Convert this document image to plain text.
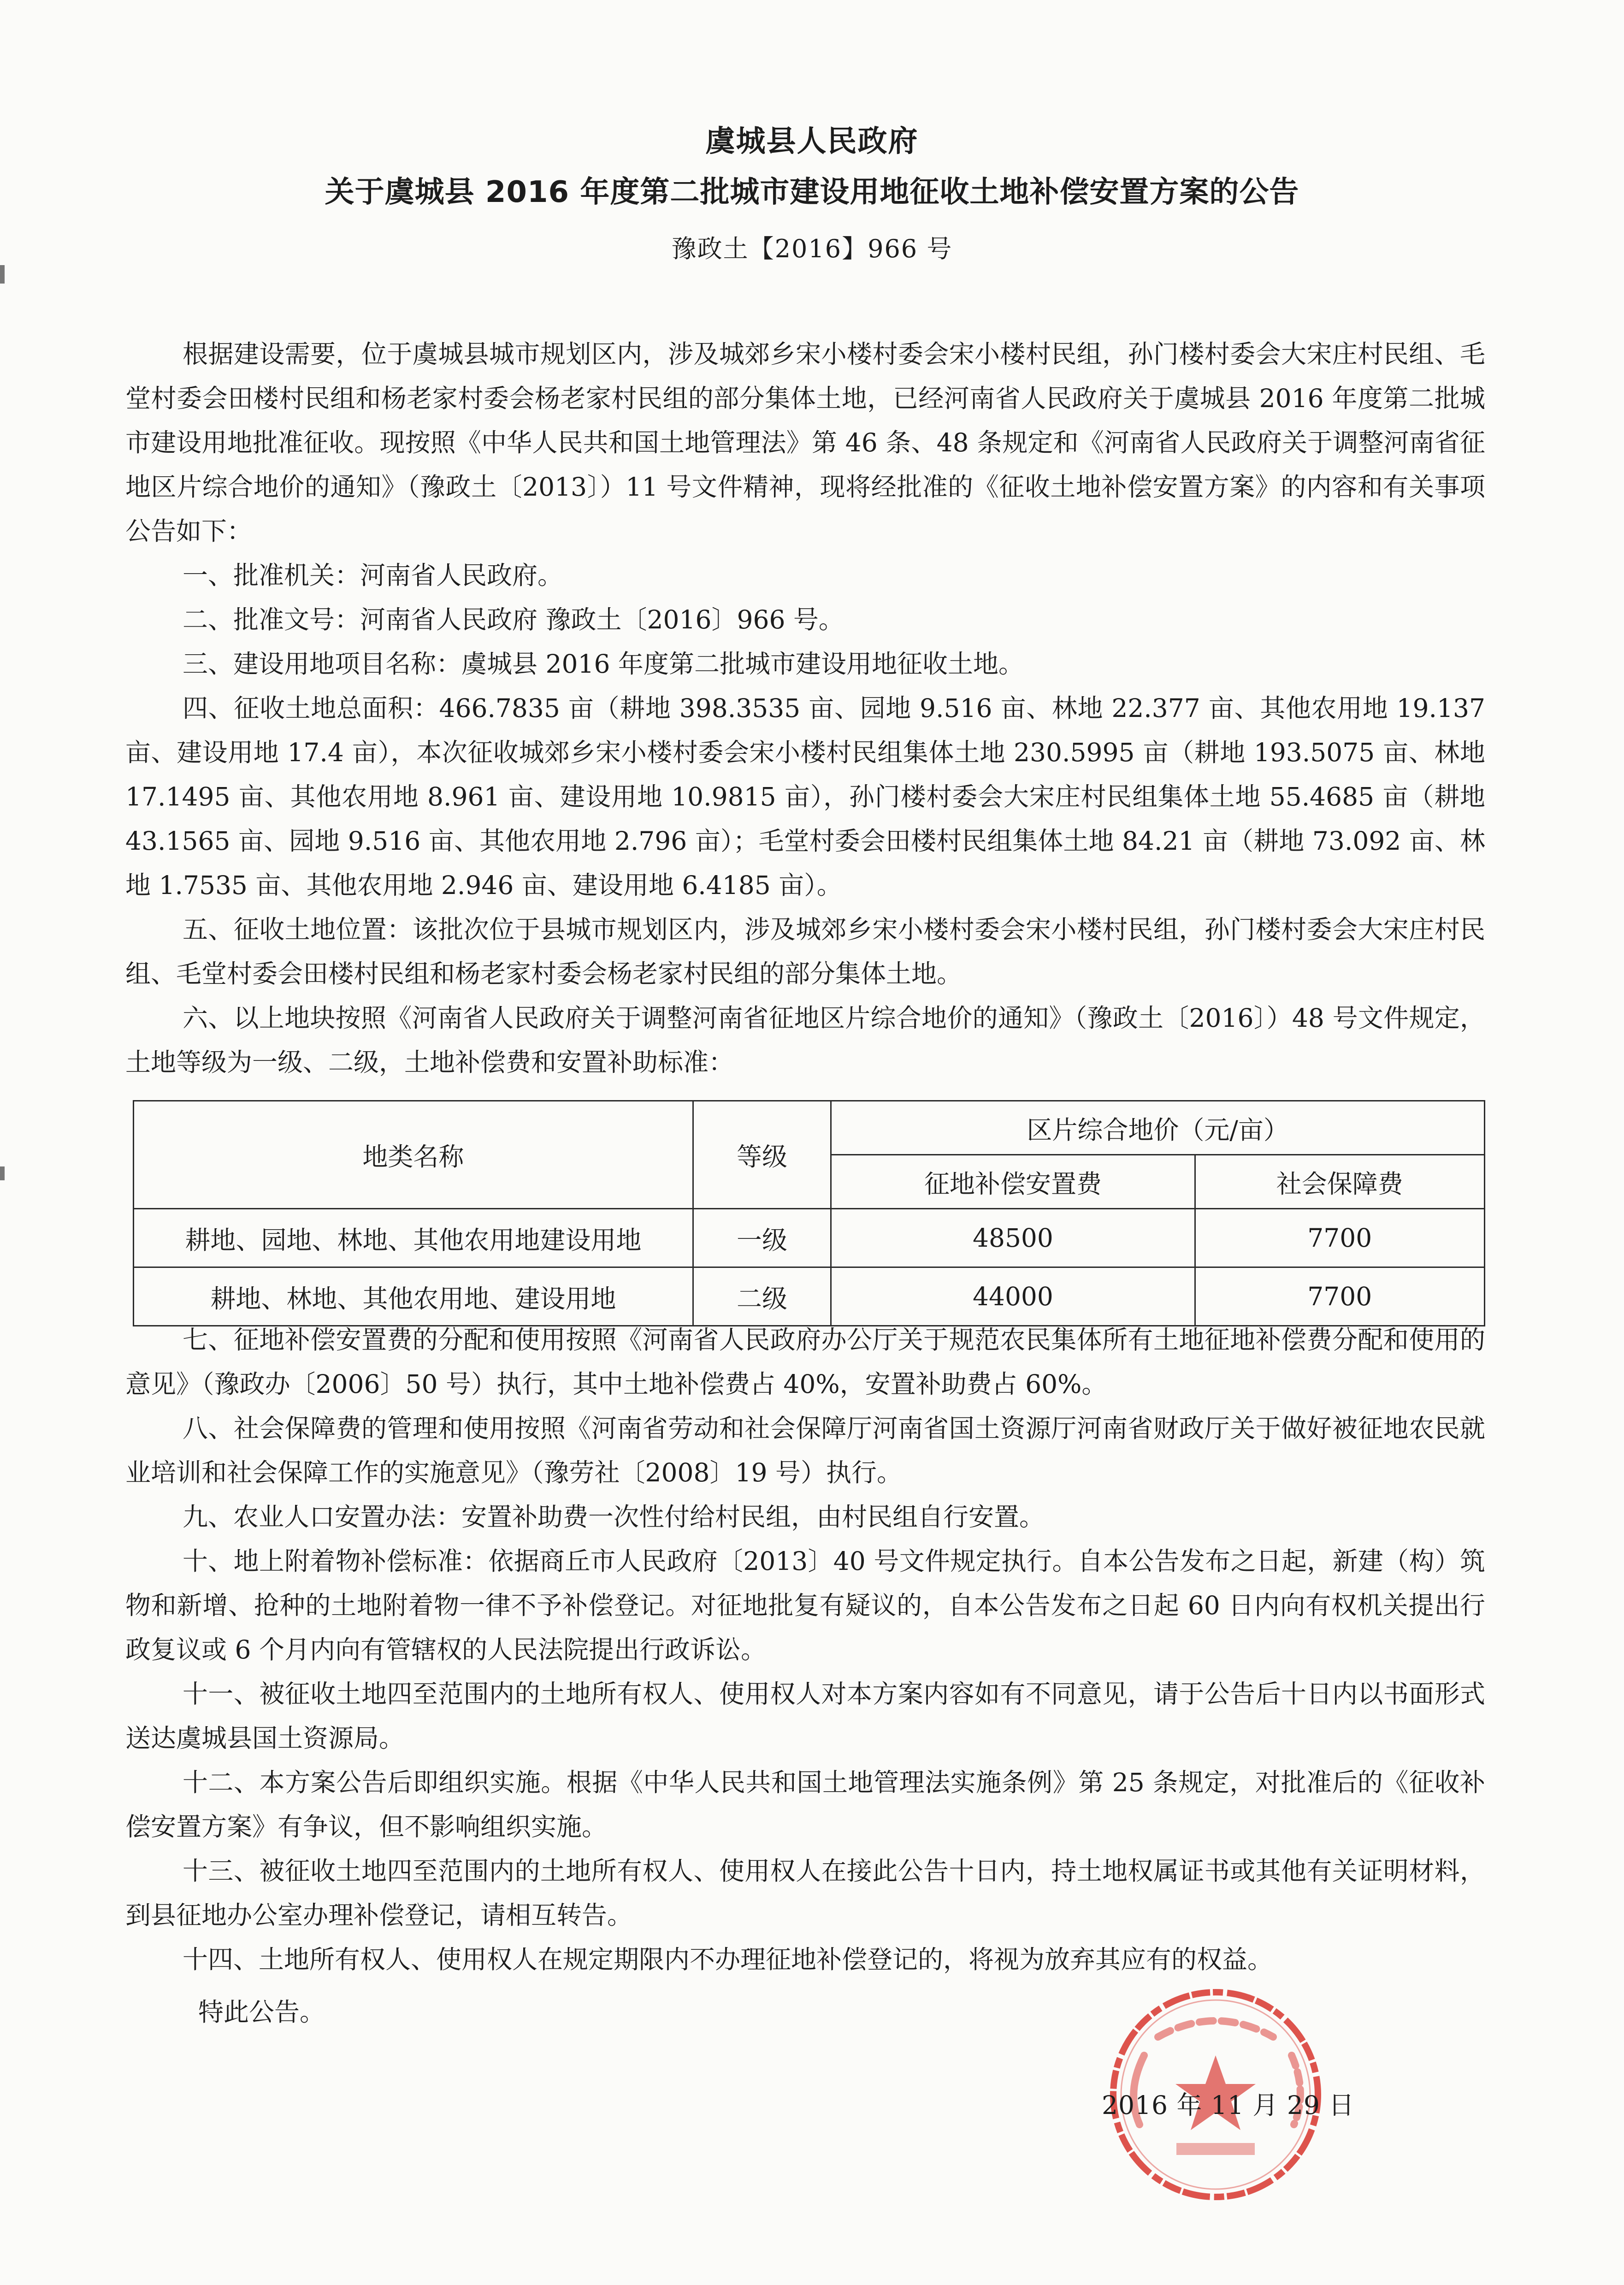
虞城县人民政府
关于虞城县 2016 年度第二批城市建设用地征收土地补偿安置方案的公告
豫政土【2016】966 号

根据建设需要，位于虞城县城市规划区内，涉及城郊乡宋小楼村委会宋小楼村民组，孙门楼村委会大宋庄村民组、毛堂村委会田楼村民组和杨老家村委会杨老家村民组的部分集体土地，已经河南省人民政府关于虞城县 2016 年度第二批城市建设用地批准征收。现按照《中华人民共和国土地管理法》第 46 条、48 条规定和《河南省人民政府关于调整河南省征地区片综合地价的通知》（豫政土〔2013〕）11 号文件精神，现将经批准的《征收土地补偿安置方案》的内容和有关事项公告如下：

一、批准机关：河南省人民政府。

二、批准文号：河南省人民政府 豫政土〔2016〕966 号。

三、建设用地项目名称：虞城县 2016 年度第二批城市建设用地征收土地。

四、征收土地总面积：466.7835 亩（耕地 398.3535 亩、园地 9.516 亩、林地 22.377 亩、其他农用地 19.137 亩、建设用地 17.4 亩），本次征收城郊乡宋小楼村委会宋小楼村民组集体土地 230.5995 亩（耕地 193.5075 亩、林地 17.1495 亩、其他农用地 8.961 亩、建设用地 10.9815 亩），孙门楼村委会大宋庄村民组集体土地 55.4685 亩（耕地 43.1565 亩、园地 9.516 亩、其他农用地 2.796 亩）；毛堂村委会田楼村民组集体土地 84.21 亩（耕地 73.092 亩、林地 1.7535 亩、其他农用地 2.946 亩、建设用地 6.4185 亩）。

五、征收土地位置：该批次位于县城市规划区内，涉及城郊乡宋小楼村委会宋小楼村民组，孙门楼村委会大宋庄村民组、毛堂村委会田楼村民组和杨老家村委会杨老家村民组的部分集体土地。

六、以上地块按照《河南省人民政府关于调整河南省征地区片综合地价的通知》（豫政土〔2016〕）48 号文件规定，土地等级为一级、二级，土地补偿费和安置补助标准：

地类名称	等级	区片综合地价（元/亩）	
		征地补偿安置费	社会保障费
耕地、园地、林地、其他农用地建设用地	一级	48500	7700
耕地、林地、其他农用地、建设用地	二级	44000	7700

七、征地补偿安置费的分配和使用按照《河南省人民政府办公厅关于规范农民集体所有土地征地补偿费分配和使用的意见》（豫政办〔2006〕50 号）执行，其中土地补偿费占 40%，安置补助费占 60%。

八、社会保障费的管理和使用按照《河南省劳动和社会保障厅河南省国土资源厅河南省财政厅关于做好被征地农民就业培训和社会保障工作的实施意见》（豫劳社〔2008〕19 号）执行。

九、农业人口安置办法：安置补助费一次性付给村民组，由村民组自行安置。

十、地上附着物补偿标准：依据商丘市人民政府〔2013〕40 号文件规定执行。自本公告发布之日起，新建（构）筑物和新增、抢种的土地附着物一律不予补偿登记。对征地批复有疑议的，自本公告发布之日起 60 日内向有权机关提出行政复议或 6 个月内向有管辖权的人民法院提出行政诉讼。

十一、被征收土地四至范围内的土地所有权人、使用权人对本方案内容如有不同意见，请于公告后十日内以书面形式送达虞城县国土资源局。

十二、本方案公告后即组织实施。根据《中华人民共和国土地管理法实施条例》第 25 条规定，对批准后的《征收补偿安置方案》有争议，但不影响组织实施。

十三、被征收土地四至范围内的土地所有权人、使用权人在接此公告十日内，持土地权属证书或其他有关证明材料，到县征地办公室办理补偿登记，请相互转告。

十四、土地所有权人、使用权人在规定期限内不办理征地补偿登记的，将视为放弃其应有的权益。

特此公告。
2016 年 11 月 29 日
